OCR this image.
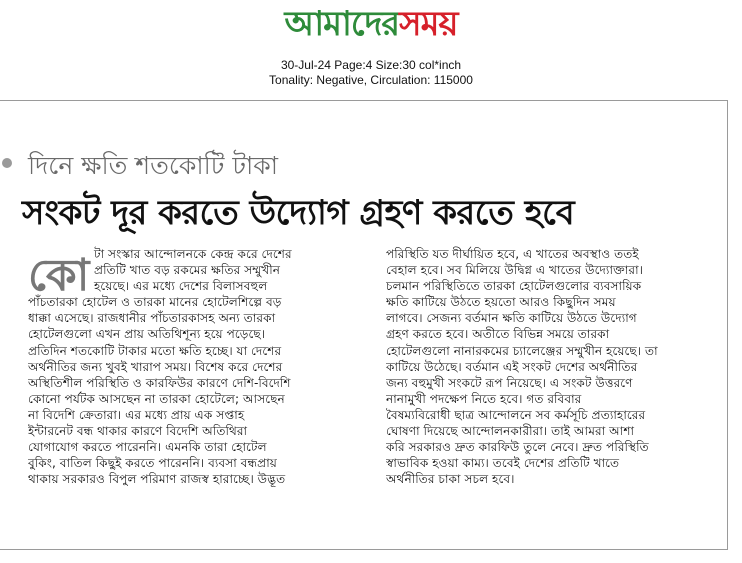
আমাদেরসময়
30-Jul-24 Page:4 Size:30 col*inch
Tonality: Negative, Circulation: 115000
দিনে ক্ষতি শতকোটি টাকা
সংকট দূর করতে উদ্যোগ গ্রহণ করতে হবে
কো টা সংস্কার আন্দোলনকে কেন্দ্র করে দেশের
প্রতিটি খাত বড় রকমের ক্ষতির সম্মুখীন
হয়েছে। এর মধ্যে দেশের বিলাসবহুল
পাঁচতারকা হোটেল ও তারকা মানের হোটেলশিল্পে বড়
ধাক্কা এসেছে। রাজধানীর পাঁচতারকাসহ অন্য তারকা
হোটেলগুলো এখন প্রায় অতিথিশূন্য হয়ে পড়েছে।
প্রতিদিন শতকোটি টাকার মতো ক্ষতি হচ্ছে। যা দেশের
অর্থনীতির জন্য খুবই খারাপ সময়। বিশেষ করে দেশের
অস্থিতিশীল পরিস্থিতি ও কারফিউর কারণে দেশি-বিদেশি
কোনো পর্যটক আসছেন না তারকা হোটেলে; আসছেন
না বিদেশি ক্রেতারা। এর মধ্যে প্রায় এক সপ্তাহ
ইন্টারনেট বন্ধ থাকার কারণে বিদেশি অতিথিরা
যোগাযোগ করতে পারেননি। এমনকি তারা হোটেল
বুকিং, বাতিল কিছুই করতে পারেননি। ব্যবসা বন্ধপ্রায়
থাকায় সরকারও বিপুল পরিমাণ রাজস্ব হারাচ্ছে। উদ্ভূত
পরিস্থিতি যত দীর্ঘায়িত হবে, এ খাতের অবস্থাও ততই
বেহাল হবে। সব মিলিয়ে উদ্বিগ্ন এ খাতের উদ্যোক্তারা।
চলমান পরিস্থিতিতে তারকা হোটেলগুলোর ব্যবসায়িক
ক্ষতি কাটিয়ে উঠতে হয়তো আরও কিছুদিন সময়
লাগবে। সেজন্য বর্তমান ক্ষতি কাটিয়ে উঠতে উদ্যোগ
গ্রহণ করতে হবে। অতীতে বিভিন্ন সময়ে তারকা
হোটেলগুলো নানারকমের চ্যালেঞ্জের সম্মুখীন হয়েছে। তা
কাটিয়ে উঠেছে। বর্তমান এই সংকট দেশের অর্থনীতির
জন্য বহুমুখী সংকটে রূপ নিয়েছে। এ সংকট উত্তরণে
নানামুখী পদক্ষেপ নিতে হবে। গত রবিবার
বৈষম্যবিরোধী ছাত্র আন্দোলনে সব কর্মসূচি প্রত্যাহারের
ঘোষণা দিয়েছে আন্দোলনকারীরা। তাই আমরা আশা
করি সরকারও দ্রুত কারফিউ তুলে নেবে। দ্রুত পরিস্থিতি
স্বাভাবিক হওয়া কাম্য। তবেই দেশের প্রতিটি খাতে
অর্থনীতির চাকা সচল হবে।
